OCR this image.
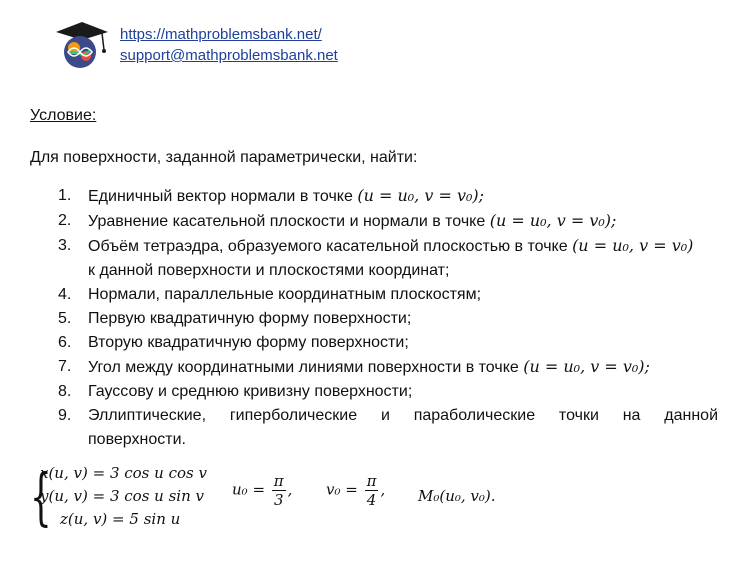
https://mathproblemsbank.net/
support@mathproblemsbank.net
Условие:
Для поверхности, заданной параметрически, найти:
1. Единичный вектор нормали в точке (u = u₀, v = v₀);
2. Уравнение касательной плоскости и нормали в точке (u = u₀, v = v₀);
3. Объём тетраэдра, образуемого касательной плоскостью в точке (u = u₀, v = v₀)
к данной поверхности и плоскостями координат;
4. Нормали, параллельные координатным плоскостям;
5. Первую квадратичную форму поверхности;
6. Вторую квадратичную форму поверхности;
7. Угол между координатными линиями поверхности в точке (u = u₀, v = v₀);
8. Гауссову и среднюю кривизну поверхности;
9. Эллиптические, гиперболические и параболические точки на данной
поверхности.
{
x(u, v) = 3 cos u cos v
y(u, v) = 3 cos u sin v
z(u, v) = 5 sin u
$u_0 = \frac{\pi}{3}$ , $v_0 = \frac{\pi}{4}$ , M₀(u₀, v₀).
